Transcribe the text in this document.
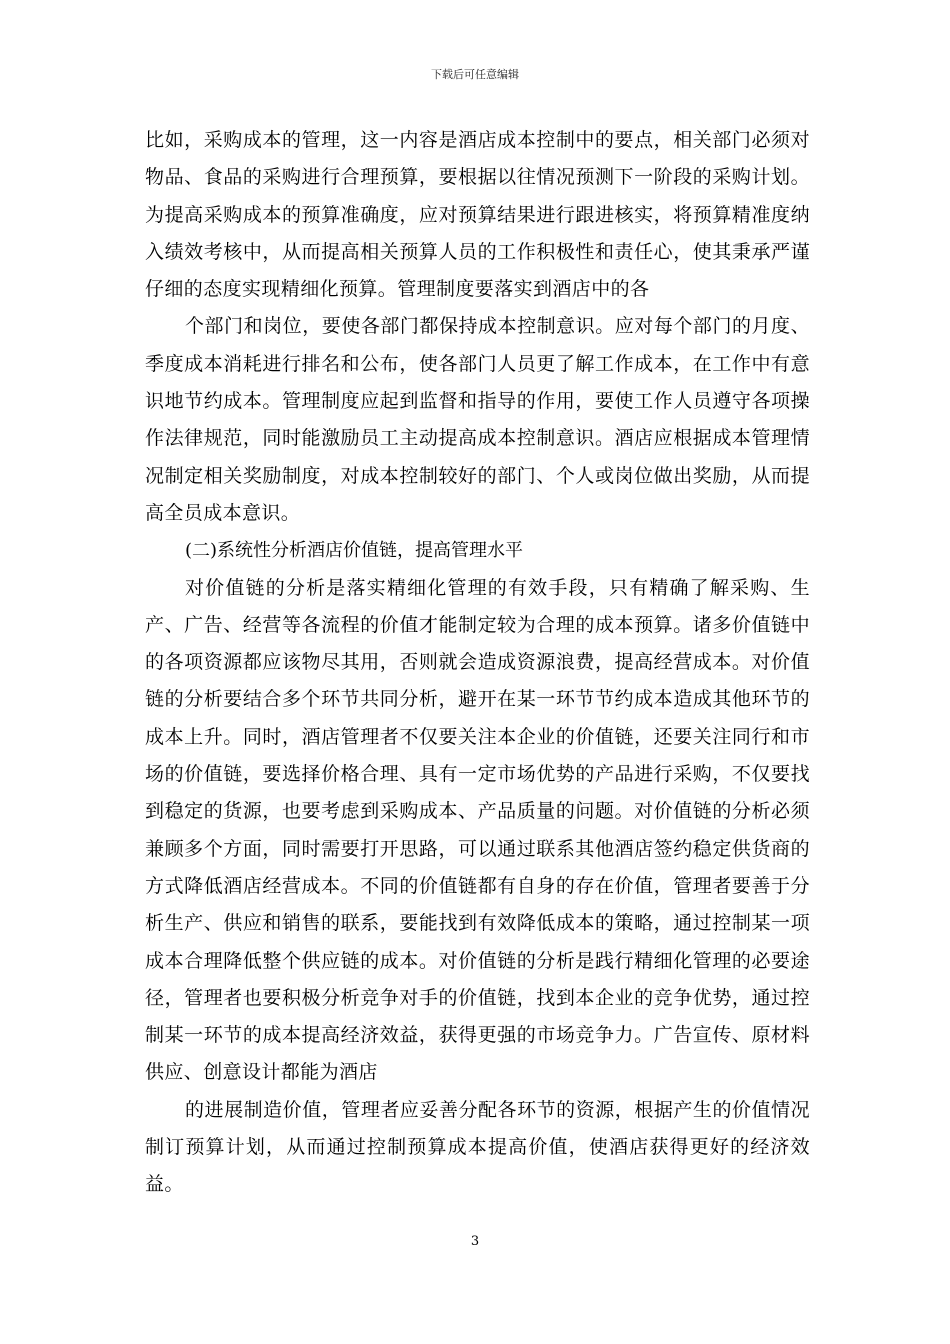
下载后可任意编辑

比如，采购成本的管理，这一内容是酒店成本控制中的要点，相关部门必须对物品、食品的采购进行合理预算，要根据以往情况预测下一阶段的采购计划。为提高采购成本的预算准确度，应对预算结果进行跟进核实，将预算精准度纳入绩效考核中，从而提高相关预算人员的工作积极性和责任心，使其秉承严谨仔细的态度实现精细化预算。管理制度要落实到酒店中的各

个部门和岗位，要使各部门都保持成本控制意识。应对每个部门的月度、季度成本消耗进行排名和公布，使各部门人员更了解工作成本，在工作中有意识地节约成本。管理制度应起到监督和指导的作用，要使工作人员遵守各项操作法律规范，同时能激励员工主动提高成本控制意识。酒店应根据成本管理情况制定相关奖励制度，对成本控制较好的部门、个人或岗位做出奖励，从而提高全员成本意识。

(二)系统性分析酒店价值链，提高管理水平

对价值链的分析是落实精细化管理的有效手段，只有精确了解采购、生产、广告、经营等各流程的价值才能制定较为合理的成本预算。诸多价值链中的各项资源都应该物尽其用，否则就会造成资源浪费，提高经营成本。对价值链的分析要结合多个环节共同分析，避开在某一环节节约成本造成其他环节的成本上升。同时，酒店管理者不仅要关注本企业的价值链，还要关注同行和市场的价值链，要选择价格合理、具有一定市场优势的产品进行采购，不仅要找到稳定的货源，也要考虑到采购成本、产品质量的问题。对价值链的分析必须兼顾多个方面，同时需要打开思路，可以通过联系其他酒店签约稳定供货商的方式降低酒店经营成本。不同的价值链都有自身的存在价值，管理者要善于分析生产、供应和销售的联系，要能找到有效降低成本的策略，通过控制某一项成本合理降低整个供应链的成本。对价值链的分析是践行精细化管理的必要途径，管理者也要积极分析竞争对手的价值链，找到本企业的竞争优势，通过控制某一环节的成本提高经济效益，获得更强的市场竞争力。广告宣传、原材料供应、创意设计都能为酒店

的进展制造价值，管理者应妥善分配各环节的资源，根据产生的价值情况制订预算计划，从而通过控制预算成本提高价值，使酒店获得更好的经济效益。

3
